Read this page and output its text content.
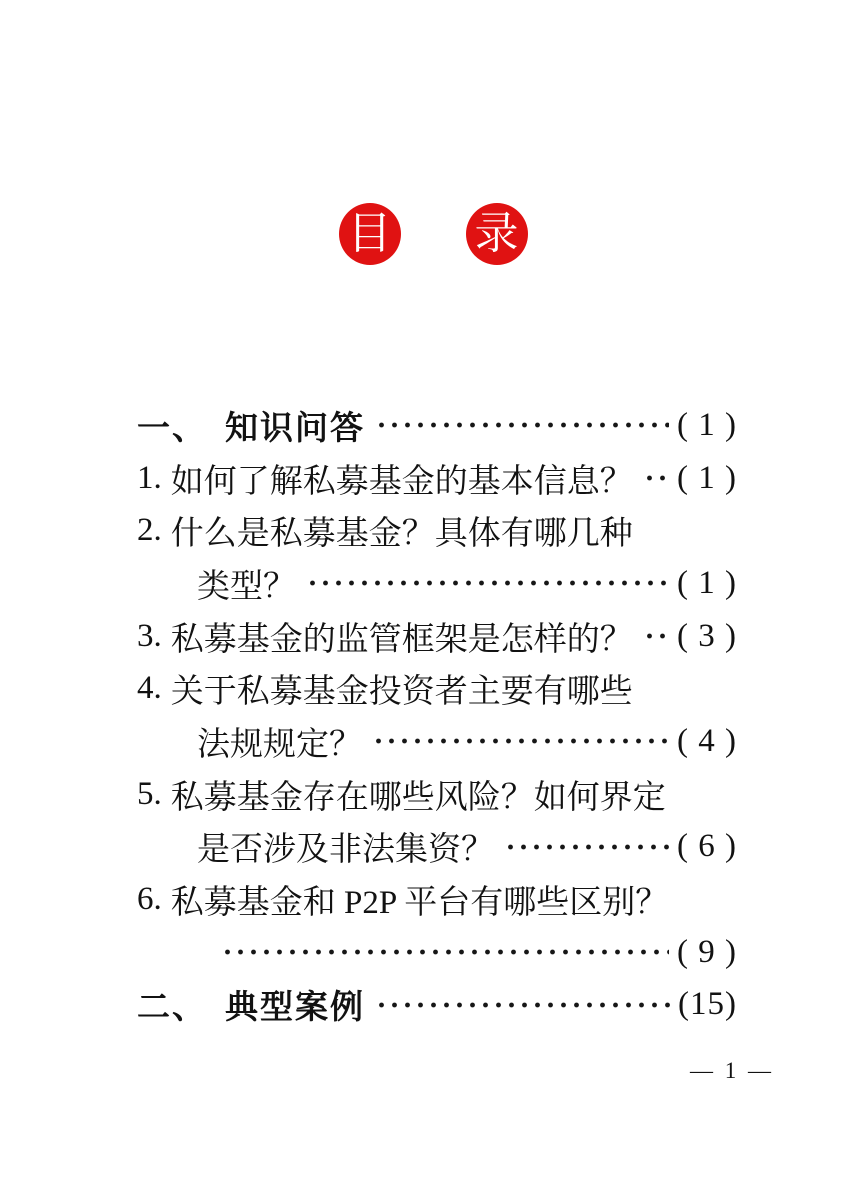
目 录
一、 知识问答	( 1 )
1. 如何了解私募基金的基本信息？ ( 1 )
2. 什么是私募基金？具体有哪几种
类型？	( 1 )
3. 私募基金的监管框架是怎样的？ ( 3 )
4. 关于私募基金投资者主要有哪些
法规规定？	( 4 )
5. 私募基金存在哪些风险？如何界定
是否涉及非法集资？	( 6 )
6. 私募基金和 P2P 平台有哪些区别？
( 9 )
二、 典型案例	(15)
— 1 —
